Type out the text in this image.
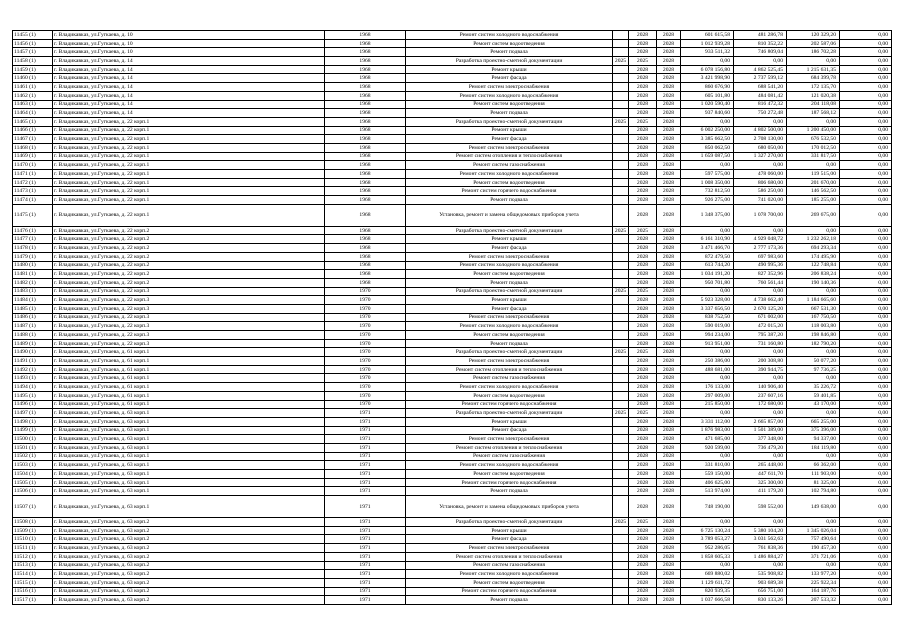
11455 (1)	г. Владикавказ, ул.Гугкаева, д. 10	1968	Ремонт систем холодного водоснабжения		2028	2028	601 615,58	481 286,78	120 329,20	0,00
11456 (1)	г. Владикавказ, ул.Гугкаева, д. 10	1968	Ремонт систем водоотведения		2028	2028	1 012 939,28	810 352,22	202 587,06	0,00
11457 (1)	г. Владикавказ, ул.Гугкаева, д. 10	1968	Ремонт подвала		2028	2028	933 511,32	746 809,04	186 702,28	0,00
11458 (1)	г. Владикавказ, ул.Гугкаева, д. 14	1968	Разработка проектно-сметной документации	2025	2025	2028	0,00	0,00	0,00	0,00
11459 (1)	г. Владикавказ, ул.Гугкаева, д. 14	1968	Ремонт крыши		2028	2028	6 078 156,80	4 862 525,45	1 215 631,35	0,00
11460 (1)	г. Владикавказ, ул.Гугкаева, д. 14	1968	Ремонт фасада		2028	2028	3 421 998,90	2 737 599,12	684 399,78	0,00
11461 (1)	г. Владикавказ, ул.Гугкаева, д. 14	1968	Ремонт систем электроснабжения		2028	2028	860 676,90	688 541,20	172 135,70	0,00
11462 (1)	г. Владикавказ, ул.Гугкаева, д. 14	1968	Ремонт систем холодного водоснабжения		2028	2028	605 101,80	484 081,42	121 020,38	0,00
11463 (1)	г. Владикавказ, ул.Гугкаева, д. 14	1968	Ремонт систем водоотведения		2028	2028	1 020 590,40	816 472,32	204 118,08	0,00
11464 (1)	г. Владикавказ, ул.Гугкаева, д. 14	1968	Ремонт подвала		2028	2028	937 840,60	750 272,48	187 568,12	0,00
11465 (1)	г. Владикавказ, ул.Гугкаева, д. 22 корп.1	1968	Разработка проектно-сметной документации	2025	2025	2028	0,00	0,00	0,00	0,00
11466 (1)	г. Владикавказ, ул.Гугкаева, д. 22 корп.1	1968	Ремонт крыши		2028	2028	6 002 250,00	4 802 500,00	1 200 450,00	0,00
11467 (1)	г. Владикавказ, ул.Гугкаева, д. 22 корп.1	1968	Ремонт фасада		2028	2028	3 385 662,50	2 708 130,00	676 532,50	0,00
11468 (1)	г. Владикавказ, ул.Гугкаева, д. 22 корп.1	1968	Ремонт систем электроснабжения		2028	2028	850 062,50	680 050,00	170 012,50	0,00
11469 (1)	г. Владикавказ, ул.Гугкаева, д. 22 корп.1	1968	Ремонт систем отопления и теплоснабжения		2028	2028	1 659 087,50	1 327 270,00	331 817,50	0,00
11470 (1)	г. Владикавказ, ул.Гугкаева, д. 22 корп.1	1968	Ремонт систем газоснабжения		2028	2028	0,00	0,00	0,00	0,00
11471 (1)	г. Владикавказ, ул.Гугкаева, д. 22 корп.1	1968	Ремонт систем холодного водоснабжения		2028	2028	597 575,00	478 060,00	119 515,00	0,00
11472 (1)	г. Владикавказ, ул.Гугкаева, д. 22 корп.1	1968	Ремонт систем водоотведения		2028	2028	1 008 350,00	806 680,00	201 670,00	0,00
11473 (1)	г. Владикавказ, ул.Гугкаева, д. 22 корп.1	1968	Ремонт систем горячего водоснабжения		2028	2028	732 812,50	586 250,00	146 562,50	0,00
11474 (1)	г. Владикавказ, ул.Гугкаева, д. 22 корп.1	1968	Ремонт подвала		2028	2028	926 275,00	741 020,00	185 255,00	0,00
11475 (1)	г. Владикавказ, ул.Гугкаева, д. 22 корп.1	1968	Установка, ремонт и замена общедомовых приборов учета		2028	2028	1 348 375,00	1 078 700,00	269 675,00	0,00
11476 (1)	г. Владикавказ, ул.Гугкаева, д. 22 корп.2	1968	Разработка проектно-сметной документации	2025	2025	2028	0,00	0,00	0,00	0,00
11477 (1)	г. Владикавказ, ул.Гугкаева, д. 22 корп.2	1968	Ремонт крыши		2028	2028	6 161 310,90	4 929 048,72	1 232 262,18	0,00
11478 (1)	г. Владикавказ, ул.Гугкаева, д. 22 корп.2	1968	Ремонт фасада		2028	2028	3 471 466,70	2 777 173,36	694 293,34	0,00
11479 (1)	г. Владикавказ, ул.Гугкаева, д. 22 корп.2	1968	Ремонт систем электроснабжения		2028	2028	872 479,50	697 983,60	174 495,90	0,00
11480 (1)	г. Владикавказ, ул.Гугкаева, д. 22 корп.2	1968	Ремонт систем холодного водоснабжения		2028	2028	613 744,20	490 995,36	122 748,84	0,00
11481 (1)	г. Владикавказ, ул.Гугкаева, д. 22 корп.2	1968	Ремонт систем водоотведения		2028	2028	1 034 191,20	827 352,96	206 838,24	0,00
11482 (1)	г. Владикавказ, ул.Гугкаева, д. 22 корп.2	1968	Ремонт подвала		2028	2028	950 701,80	760 561,44	190 140,36	0,00
11483 (1)	г. Владикавказ, ул.Гугкаева, д. 22 корп.3	1970	Разработка проектно-сметной документации	2025	2025	2028	0,00	0,00	0,00	0,00
11484 (1)	г. Владикавказ, ул.Гугкаева, д. 22 корп.3	1970	Ремонт крыши		2028	2028	5 923 328,00	4 738 662,40	1 184 665,60	0,00
11485 (1)	г. Владикавказ, ул.Гугкаева, д. 22 корп.3	1970	Ремонт фасада		2028	2028	3 337 656,50	2 670 125,20	667 531,30	0,00
11486 (1)	г. Владикавказ, ул.Гугкаева, д. 22 корп.3	1970	Ремонт систем электроснабжения		2028	2028	838 752,50	671 002,00	167 750,50	0,00
11487 (1)	г. Владикавказ, ул.Гугкаева, д. 22 корп.3	1970	Ремонт систем холодного водоснабжения		2028	2028	590 019,00	472 015,20	118 003,80	0,00
11488 (1)	г. Владикавказ, ул.Гугкаева, д. 22 корп.3	1970	Ремонт систем водоотведения		2028	2028	994 234,00	795 387,20	198 846,80	0,00
11489 (1)	г. Владикавказ, ул.Гугкаева, д. 22 корп.3	1970	Ремонт подвала		2028	2028	913 951,00	731 160,80	182 790,20	0,00
11490 (1)	г. Владикавказ, ул.Гугкаева, д. 61 корп.1	1970	Разработка проектно-сметной документации	2025	2025	2028	0,00	0,00	0,00	0,00
11491 (1)	г. Владикавказ, ул.Гугкаева, д. 61 корп.1	1970	Ремонт систем электроснабжения		2028	2028	250 386,00	200 308,80	50 077,20	0,00
11492 (1)	г. Владикавказ, ул.Гугкаева, д. 61 корп.1	1970	Ремонт систем отопления и теплоснабжения		2028	2028	488 681,00	390 944,75	97 736,25	0,00
11493 (1)	г. Владикавказ, ул.Гугкаева, д. 61 корп.1	1970	Ремонт систем газоснабжения		2028	2028	0,00	0,00	0,00	0,00
11494 (1)	г. Владикавказ, ул.Гугкаева, д. 61 корп.1	1970	Ремонт систем холодного водоснабжения		2028	2028	176 133,00	140 906,40	35 226,72	0,00
11495 (1)	г. Владикавказ, ул.Гугкаева, д. 61 корп.1	1970	Ремонт систем водоотведения		2028	2028	297 009,00	237 607,16	59 401,85	0,00
11496 (1)	г. Владикавказ, ул.Гугкаева, д. 61 корп.1	1970	Ремонт систем горячего водоснабжения		2028	2028	215 850,00	172 680,00	43 170,00	0,00
11497 (1)	г. Владикавказ, ул.Гугкаева, д. 63 корп.1	1971	Разработка проектно-сметной документации	2025	2025	2028	0,00	0,00	0,00	0,00
11498 (1)	г. Владикавказ, ул.Гугкаева, д. 63 корп.1	1971	Ремонт крыши		2028	2028	3 331 112,00	2 665 857,00	665 255,00	0,00
11499 (1)	г. Владикавказ, ул.Гугкаева, д. 63 корп.1	1971	Ремонт фасада		2028	2028	1 876 983,00	1 501 389,00	375 396,00	0,00
11500 (1)	г. Владикавказ, ул.Гугкаева, д. 63 корп.1	1971	Ремонт систем электроснабжения		2028	2028	471 685,00	377 348,00	94 337,00	0,00
11501 (1)	г. Владикавказ, ул.Гугкаева, д. 63 корп.1	1971	Ремонт систем отопления и теплоснабжения		2028	2028	920 599,00	736 479,20	184 119,80	0,00
11502 (1)	г. Владикавказ, ул.Гугкаева, д. 63 корп.1	1971	Ремонт систем газоснабжения		2028	2028	0,00	0,00	0,00	0,00
11503 (1)	г. Владикавказ, ул.Гугкаева, д. 63 корп.1	1971	Ремонт систем холодного водоснабжения		2028	2028	331 810,00	265 448,00	66 362,00	0,00
11504 (1)	г. Владикавказ, ул.Гугкаева, д. 63 корп.1	1971	Ремонт систем водоотведения		2028	2028	559 150,00	447 611,70	111 903,00	0,00
11505 (1)	г. Владикавказ, ул.Гугкаева, д. 63 корп.1	1971	Ремонт систем горячего водоснабжения		2028	2028	406 625,00	325 300,00	81 325,00	0,00
11506 (1)	г. Владикавказ, ул.Гугкаева, д. 63 корп.1	1971	Ремонт подвала		2028	2028	513 974,00	411 179,20	102 794,80	0,00
11507 (1)	г. Владикавказ, ул.Гугкаева, д. 63 корп.1	1971	Установка, ремонт и замена общедомовых приборов учета		2028	2028	748 190,00	598 552,00	149 638,00	0,00
11508 (1)	г. Владикавказ, ул.Гугкаева, д. 63 корп.2	1971	Разработка проектно-сметной документации	2025	2025	2028	0,00	0,00	0,00	0,00
11509 (1)	г. Владикавказ, ул.Гугкаева, д. 63 корп.2	1971	Ремонт крыши		2028	2028	6 725 130,24	5 380 104,20	1 345 026,04	0,00
11510 (1)	г. Владикавказ, ул.Гугкаева, д. 63 корп.2	1971	Ремонт фасада		2028	2028	3 789 053,27	3 031 562,63	757 490,64	0,00
11511 (1)	г. Владикавказ, ул.Гугкаева, д. 63 корп.2	1971	Ремонт систем электроснабжения		2028	2028	952 286,05	761 838,36	190 457,30	0,00
11512 (1)	г. Владикавказ, ул.Гугкаева, д. 63 корп.2	1971	Ремонт систем отопления и теплоснабжения		2028	2028	1 858 605,33	1 486 884,27	371 721,06	0,00
11513 (1)	г. Владикавказ, ул.Гугкаева, д. 63 корп.2	1971	Ремонт систем газоснабжения		2028	2028	0,00	0,00	0,00	0,00
11514 (1)	г. Владикавказ, ул.Гугкаева, д. 63 корп.2	1971	Ремонт систем холодного водоснабжения		2028	2028	669 880,02	535 908,82	133 977,20	0,00
11515 (1)	г. Владикавказ, ул.Гугкаева, д. 63 корп.2	1971	Ремонт систем водоотведения		2028	2028	1 129 611,72	903 689,38	225 922,34	0,00
11516 (1)	г. Владикавказ, ул.Гугкаева, д. 63 корп.2	1971	Ремонт систем горячего водоснабжения		2028	2028	820 939,35	656 751,00	164 187,76	0,00
11517 (1)	г. Владикавказ, ул.Гугкаева, д. 63 корп.2	1971	Ремонт подвала		2028	2028	1 037 666,58	830 133,26	207 533,32	0,00
